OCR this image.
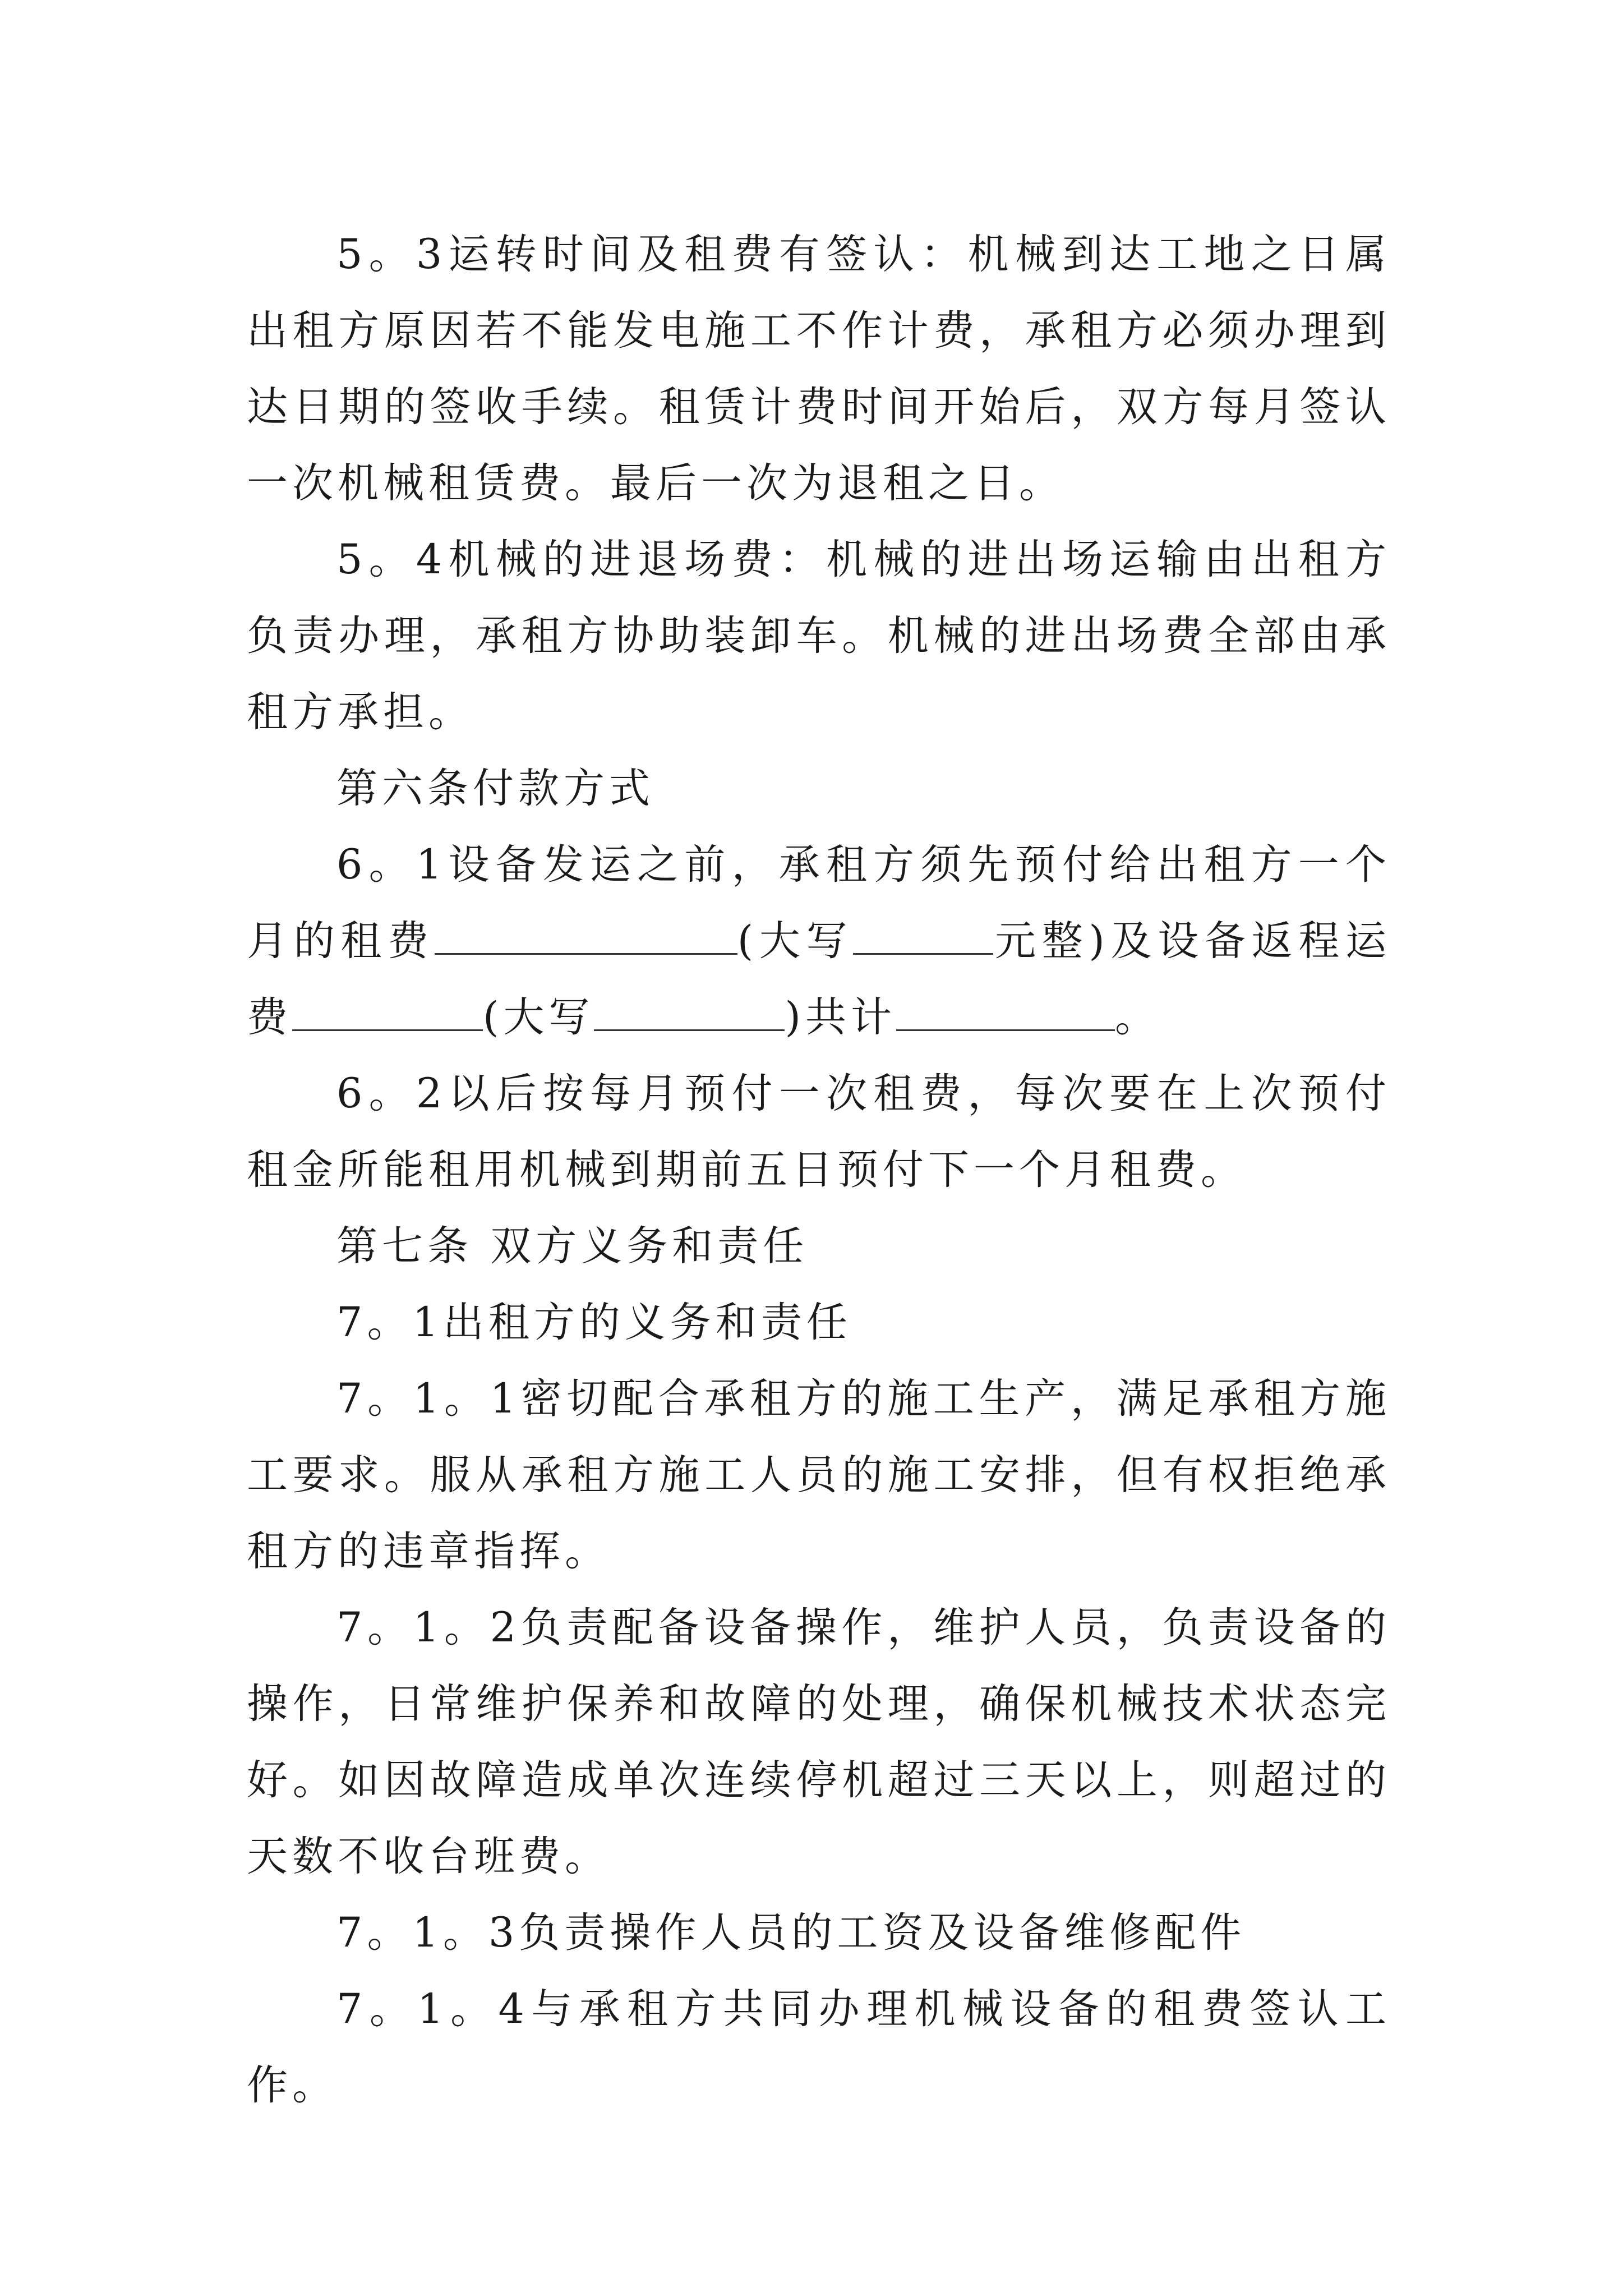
5。3运转时间及租费有签认：机械到达工地之日属出租方原因若不能发电施工不作计费，承租方必须办理到达日期的签收手续。租赁计费时间开始后，双方每月签认一次机械租赁费。最后一次为退租之日。

5。4机械的进退场费：机械的进出场运输由出租方负责办理，承租方协助装卸车。机械的进出场费全部由承租方承担。

第六条付款方式

6。1设备发运之前，承租方须先预付给出租方一个月的租费	(大写	元整)及设备返程运费	(大写	)共计	。

6。2以后按每月预付一次租费，每次要在上次预付租金所能租用机械到期前五日预付下一个月租费。

第七条 双方义务和责任

7。1出租方的义务和责任

7。1。1密切配合承租方的施工生产，满足承租方施工要求。服从承租方施工人员的施工安排，但有权拒绝承租方的违章指挥。

7。1。2负责配备设备操作，维护人员，负责设备的操作，日常维护保养和故障的处理，确保机械技术状态完好。如因故障造成单次连续停机超过三天以上，则超过的天数不收台班费。

7。1。3负责操作人员的工资及设备维修配件

7。1。4与承租方共同办理机械设备的租费签认工作。
